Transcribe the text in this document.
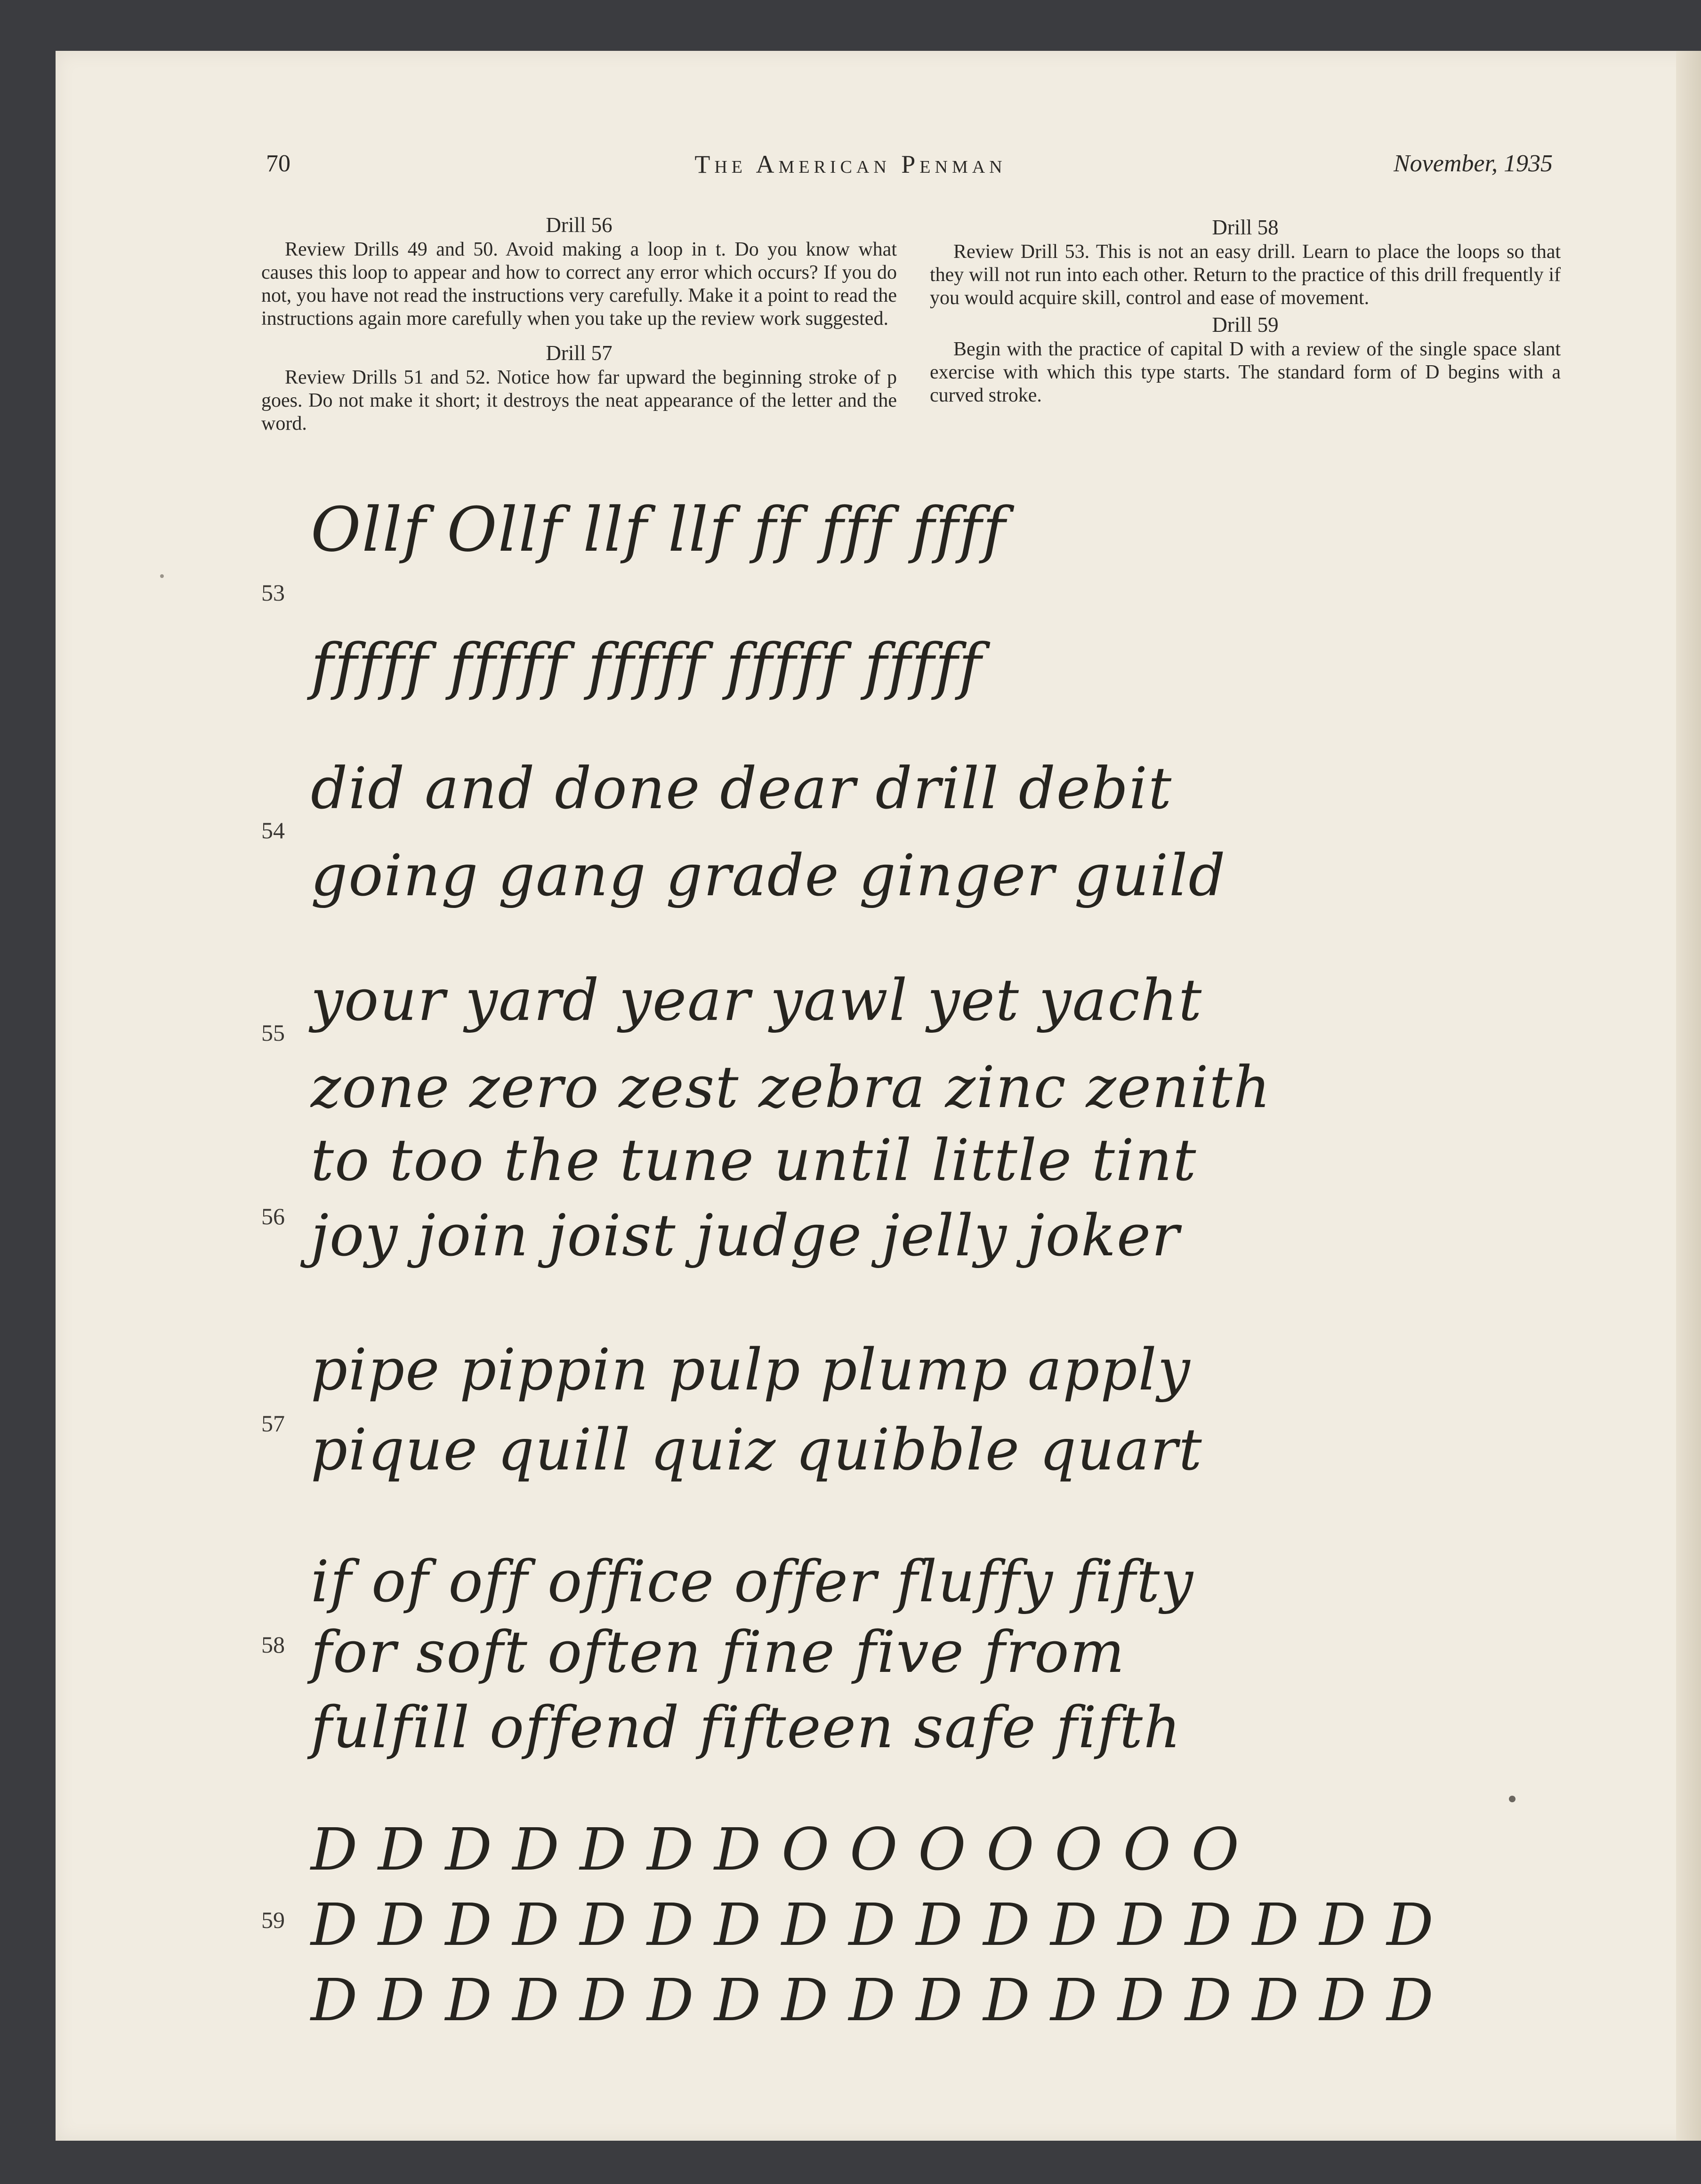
70	The American Penman	November, 1935
Drill 56

Review Drills 49 and 50. Avoid making a loop in t. Do you know what causes this loop to appear and how to correct any error which occurs? If you do not, you have not read the instructions very carefully. Make it a point to read the instructions again more carefully when you take up the review work suggested.

Drill 57

Review Drills 51 and 52. Notice how far upward the beginning stroke of p goes. Do not make it short; it destroys the neat appearance of the letter and the word.

Drill 58

Review Drill 53. This is not an easy drill. Learn to place the loops so that they will not run into each other. Return to the practice of this drill frequently if you would acquire skill, control and ease of movement.

Drill 59

Begin with the practice of capital D with a review of the single space slant exercise with which this type starts. The standard form of D begins with a curved stroke.

53
Ollf Ollf llf llf ff fff ffff
fffff fffff fffff fffff fffff
54
did and done dear drill debit
going gang grade ginger guild
55 your yard year yawl yet yacht
zone zero zest zebra zinc zenith
56
to too the tune until little tint
joy join joist judge jelly joker
57
pipe pippin pulp plump apply
pique quill quiz quibble quart
58
if of off office offer fluffy fifty
for soft often fine five from
fulfill offend fifteen safe fifth
59
D D D D D D D O O O O O O O
D D D D D D D D D D D D D D D D D
D D D D D D D D D D D D D D D D D
